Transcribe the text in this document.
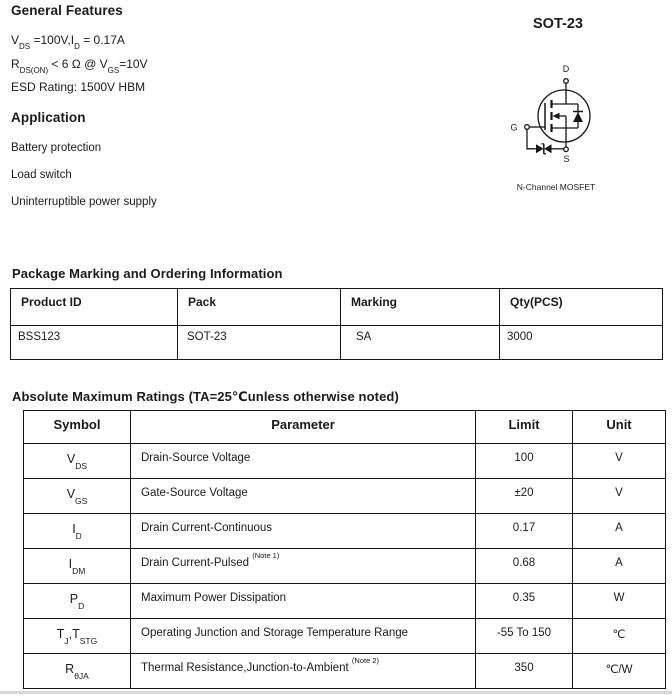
General Features
$V_{DS} =100V,I_D = 0.17A$
$R_{DS(ON)} < 6$ Ω @ $V_{GS}=10V$
ESD Rating: 1500V HBM
Application
Battery protection
Load switch
Uninterruptible power supply
SOT-23
D
G
S
N-Channel MOSFET
Package Marking and Ordering Information
Product ID	Pack	Marking	Qty(PCS)
BSS123	SOT-23	SA	3000
Absolute Maximum Ratings (TA=25℃unless otherwise noted)
Symbol	Parameter	Limit	Unit
$V_{DS}$	Drain-Source Voltage	100	V
$V_{GS}$	Gate-Source Voltage	±20	V
$I_D$	Drain Current-Continuous	0.17	A
$I_{DM}$	Drain Current-Pulsed $^{(Note 1)}$	0.68	A
$P_D$	Maximum Power Dissipation	0.35	W
$T_J,T_{STG}$	Operating Junction and Storage Temperature Range	-55 To 150	℃
$R_{\theta JA}$	Thermal Resistance,Junction-to-Ambient $^{(Note 2)}$	350	℃/W
